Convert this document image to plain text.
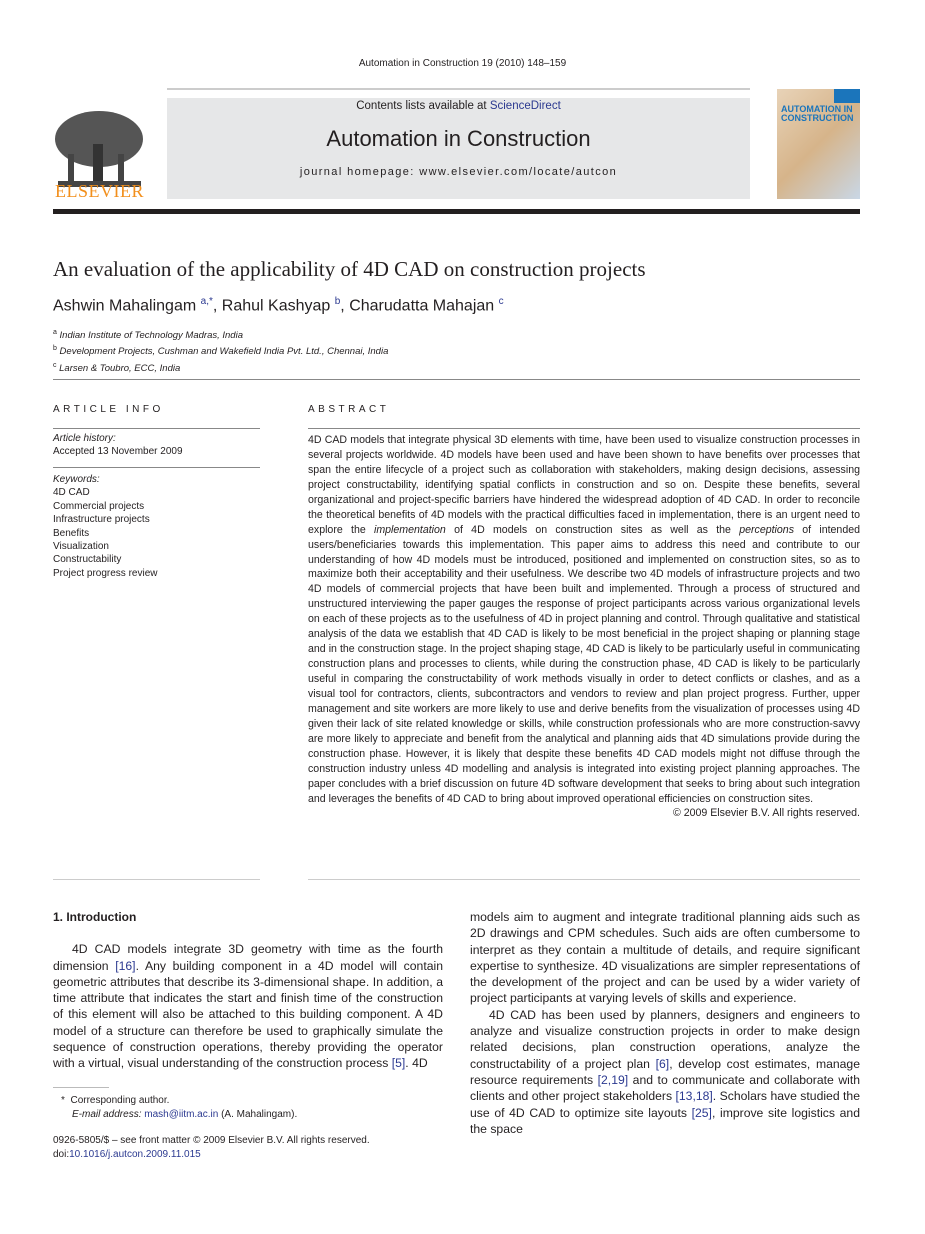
Automation in Construction 19 (2010) 148–159
ELSEVIER
Contents lists available at ScienceDirect
Automation in Construction
journal homepage: www.elsevier.com/locate/autcon
AUTOMATION IN
CONSTRUCTION
An evaluation of the applicability of 4D CAD on construction projects
Ashwin Mahalingam $^{a,*}$, Rahul Kashyap $^b$, Charudatta Mahajan $^c$
$^a$ Indian Institute of Technology Madras, India
$^b$ Development Projects, Cushman and Wakefield India Pvt. Ltd., Chennai, India
$^c$ Larsen & Toubro, ECC, India
ARTICLE INFO
Article history:
Accepted 13 November 2009
Keywords:
4D CAD
Commercial projects
Infrastructure projects
Benefits
Visualization
Constructability
Project progress review
ABSTRACT
4D CAD models that integrate physical 3D elements with time, have been used to visualize construction processes in several projects worldwide. 4D models have been used and have been shown to have benefits over processes that span the entire lifecycle of a project such as collaboration with stakeholders, making design decisions, assessing project constructability, identifying spatial conflicts in construction and so on. Despite these benefits, several organizational and project-specific barriers have hindered the widespread adoption of 4D CAD. In order to reconcile the theoretical benefits of 4D models with the practical difficulties faced in implementation, there is an urgent need to explore the implementation of 4D models on construction sites as well as the perceptions of intended users/beneficiaries towards this implementation. This paper aims to address this need and contribute to our understanding of how 4D models must be introduced, positioned and implemented on construction sites, so as to maximize both their acceptability and their usefulness. We describe two 4D models of infrastructure projects and two 4D models of commercial projects that have been built and implemented. Through a process of structured and unstructured interviewing the paper gauges the response of project participants across various organizational levels on each of these projects as to the usefulness of 4D in project planning and control. Through qualitative and statistical analysis of the data we establish that 4D CAD is likely to be most beneficial in the project shaping or planning stage and in the construction stage. In the project shaping stage, 4D CAD is likely to be particularly useful in communicating construction plans and processes to clients, while during the construction phase, 4D CAD is likely to be particularly useful in comparing the constructability of work methods visually in order to detect conflicts or clashes, and as a visual tool for contractors, clients, subcontractors and vendors to review and plan project progress. Further, upper management and site workers are more likely to use and derive benefits from the visualization of processes using 4D given their lack of site related knowledge or skills, while construction professionals who are more construction-savvy are more likely to appreciate and benefit from the analytical and planning aids that 4D simulations provide during the construction phase. However, it is likely that despite these benefits 4D CAD models might not diffuse through the construction industry unless 4D modelling and analysis is integrated into existing project planning approaches. The paper concludes with a brief discussion on future 4D software development that seeks to bring about such integration and leverages the benefits of 4D CAD to bring about improved operational efficiencies on construction sites.
© 2009 Elsevier B.V. All rights reserved.
1. Introduction

4D CAD models integrate 3D geometry with time as the fourth dimension [16]. Any building component in a 4D model will contain geometric attributes that describe its 3-dimensional shape. In addition, a time attribute that indicates the start and finish time of the construction of this element will also be attached to this building component. A 4D model of a structure can therefore be used to graphically simulate the sequence of construction operations, thereby providing the operator with a virtual, visual understanding of the construction process [5]. 4D

models aim to augment and integrate traditional planning aids such as 2D drawings and CPM schedules. Such aids are often cumbersome to interpret as they contain a multitude of details, and require significant expertise to synthesize. 4D visualizations are simpler representations of the development of the project and can be used by a wider variety of project participants at varying levels of skills and experience.

4D CAD has been used by planners, designers and engineers to analyze and visualize construction projects in order to make design related decisions, plan construction operations, analyze the constructability of a project plan [6], develop cost estimates, manage resource requirements [2,19] and to communicate and collaborate with clients and other project stakeholders [13,18]. Scholars have studied the use of 4D CAD to optimize site layouts [25], improve site logistics and the space

* Corresponding author.
E-mail address: mash@iitm.ac.in (A. Mahalingam).
0926-5805/$ – see front matter © 2009 Elsevier B.V. All rights reserved.
doi:10.1016/j.autcon.2009.11.015
